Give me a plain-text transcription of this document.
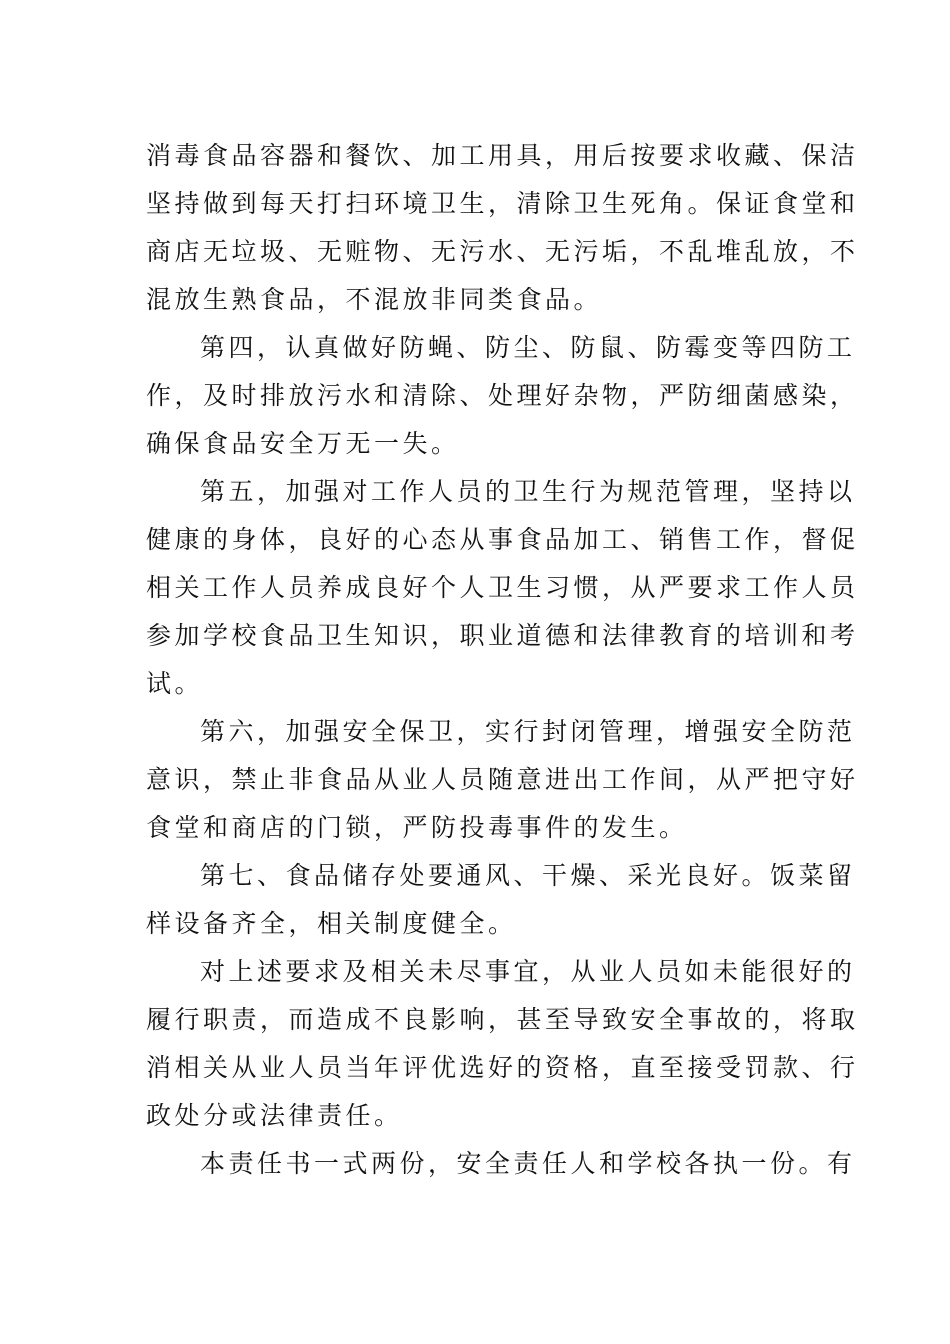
消毒食品容器和餐饮、加工用具，用后按要求收藏、保洁
坚持做到每天打扫环境卫生，清除卫生死角。保证食堂和
商店无垃圾、无赃物、无污水、无污垢，不乱堆乱放，不
混放生熟食品，不混放非同类食品。
第四，认真做好防蝇、防尘、防鼠、防霉变等四防工
作，及时排放污水和清除、处理好杂物，严防细菌感染，
确保食品安全万无一失。
第五，加强对工作人员的卫生行为规范管理，坚持以
健康的身体，良好的心态从事食品加工、销售工作，督促
相关工作人员养成良好个人卫生习惯，从严要求工作人员
参加学校食品卫生知识，职业道德和法律教育的培训和考
试。
第六，加强安全保卫，实行封闭管理，增强安全防范
意识，禁止非食品从业人员随意进出工作间，从严把守好
食堂和商店的门锁，严防投毒事件的发生。
第七、食品储存处要通风、干燥、采光良好。饭菜留
样设备齐全，相关制度健全。
对上述要求及相关未尽事宜，从业人员如未能很好的
履行职责，而造成不良影响，甚至导致安全事故的，将取
消相关从业人员当年评优选好的资格，直至接受罚款、行
政处分或法律责任。
本责任书一式两份，安全责任人和学校各执一份。有
